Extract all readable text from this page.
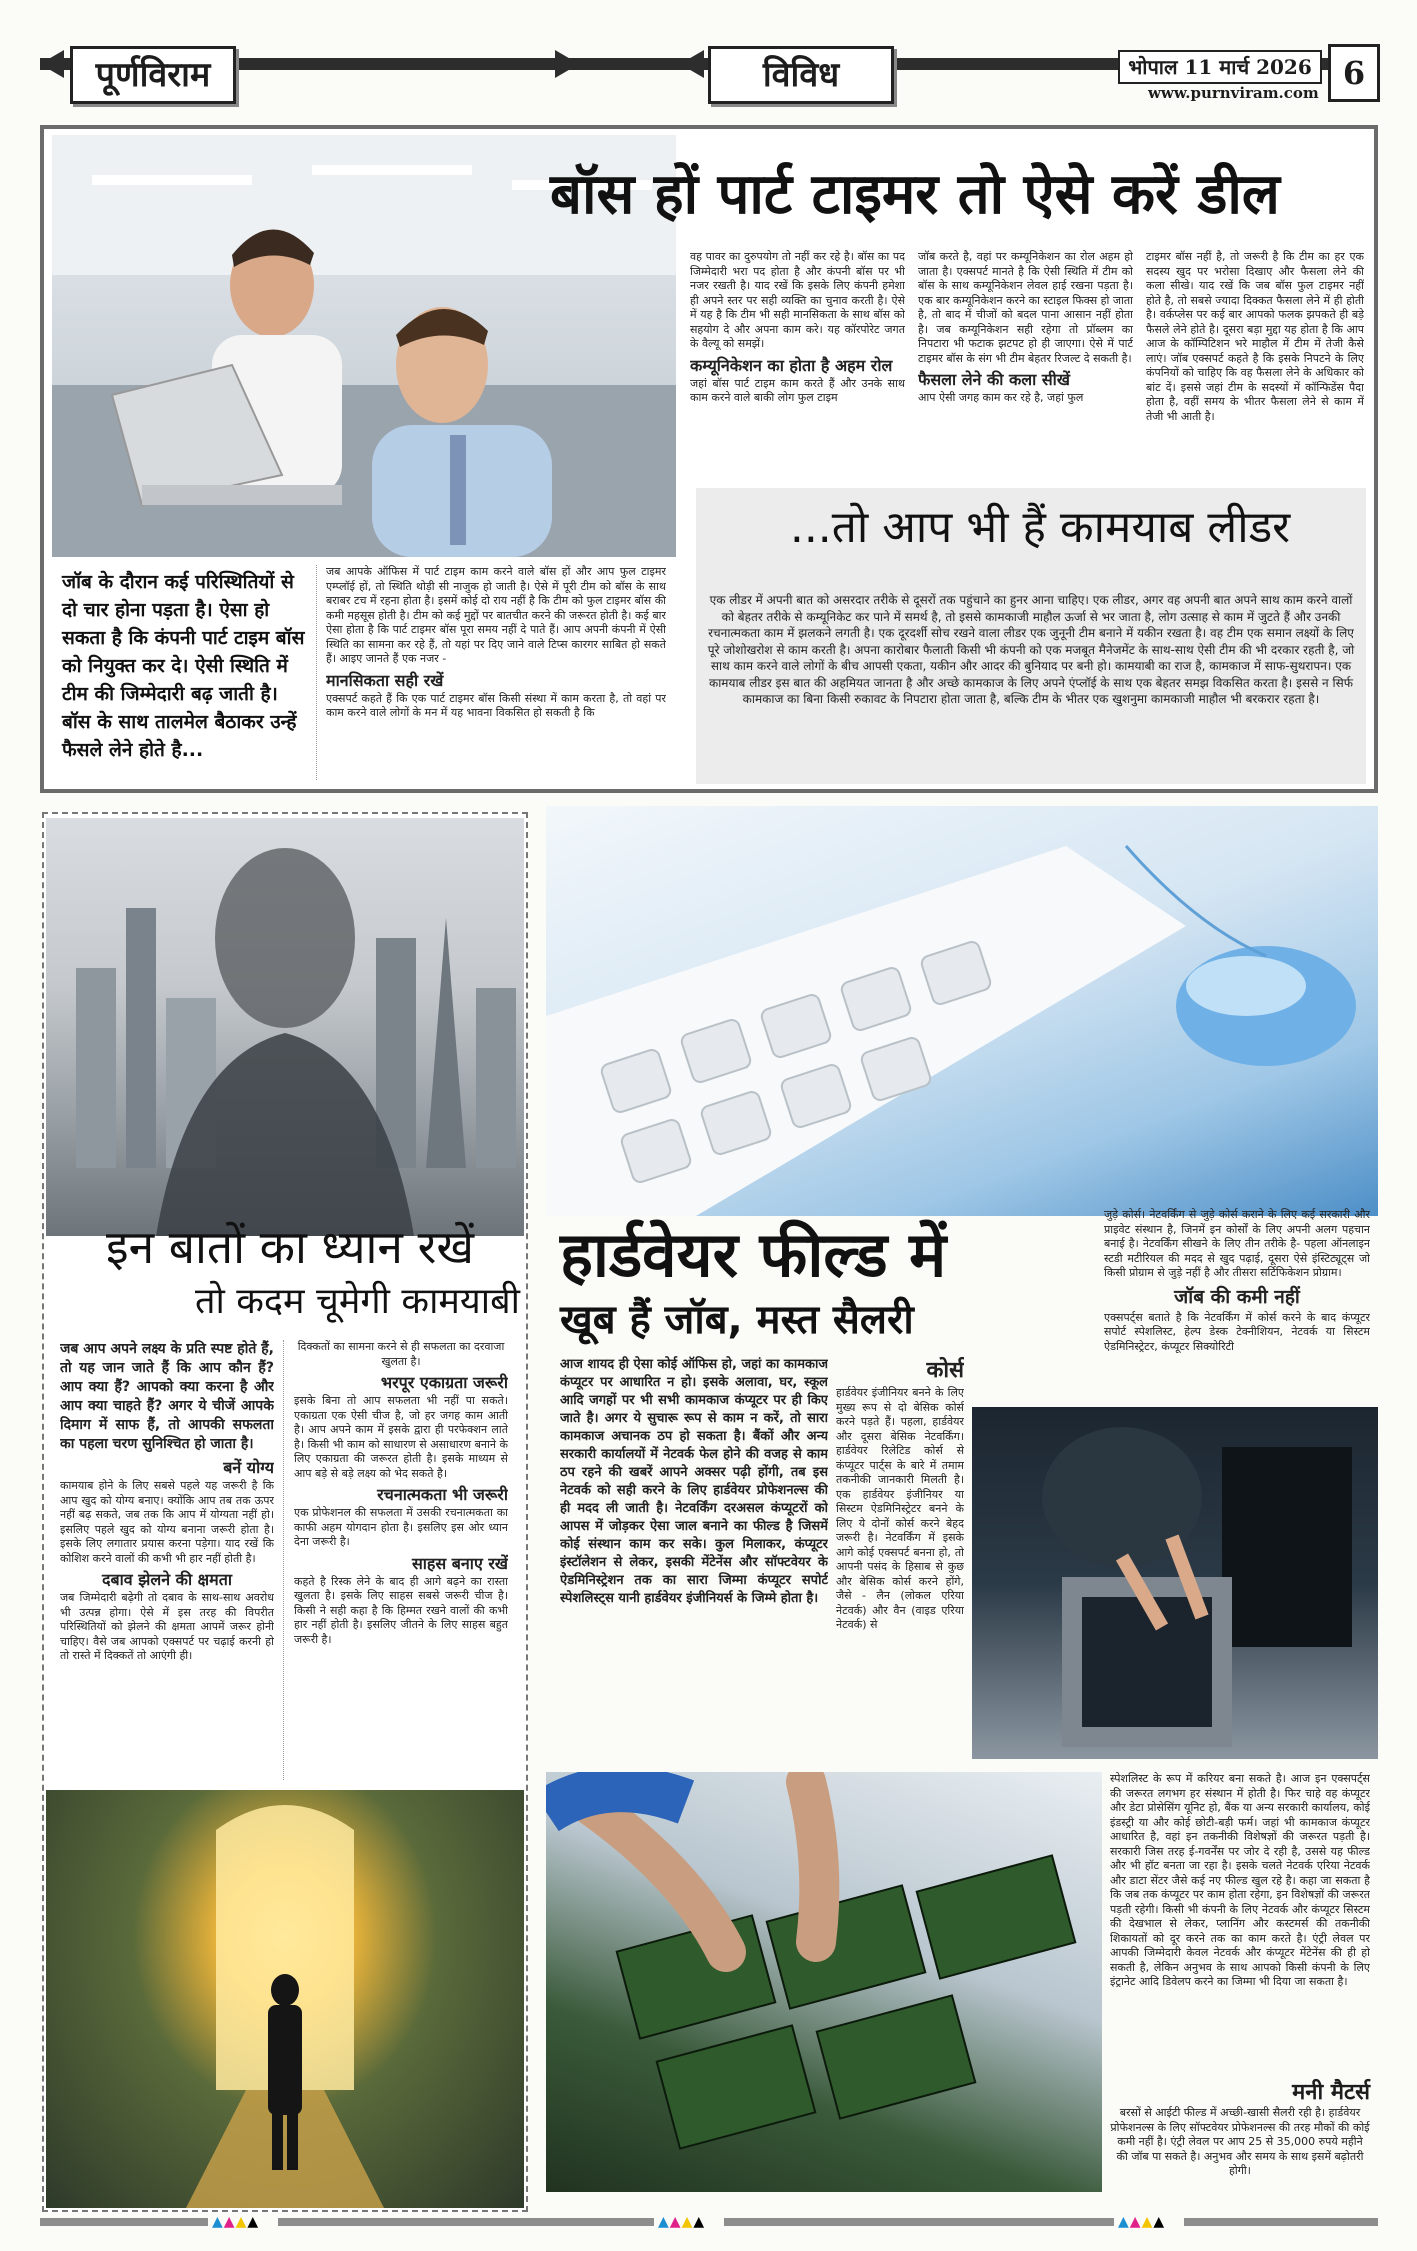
पूर्णविराम	विविध	भोपाल 11 मार्च 2026
www.purnviram.com
6
बॉस हों पार्ट टाइमर तो ऐसे करें डील
जॉब के दौरान कई परिस्थितियों से दो चार होना पड़ता है। ऐसा हो सकता है कि कंपनी पार्ट टाइम बॉस को नियुक्त कर दे। ऐसी स्थिति में टीम की जिम्मेदारी बढ़ जाती है। बॉस के साथ तालमेल बैठाकर उन्हें फैसले लेने होते है...
जब आपके ऑफिस में पार्ट टाइम काम करने वाले बॉस हों और आप फुल टाइमर एम्प्लॉई हों, तो स्थिति थोड़ी सी नाजुक हो जाती है। ऐसे में पूरी टीम को बॉस के साथ बराबर टच में रहना होता है। इसमें कोई दो राय नहीं है कि टीम को फुल टाइमर बॉस की कमी महसूस होती है। टीम को कई मुद्दों पर बातचीत करने की जरूरत होती है। कई बार ऐसा होता है कि पार्ट टाइमर बॉस पूरा समय नहीं दे पाते हैं। आप अपनी कंपनी में ऐसी स्थिति का सामना कर रहे हैं, तो यहां पर दिए जाने वाले टिप्स कारगर साबित हो सकते हैं। आइए जानते हैं एक नजर -
मानसिकता सही रखें
एक्सपर्ट कहते हैं कि एक पार्ट टाइमर बॉस किसी संस्था में काम करता है, तो वहां पर काम करने वाले लोगों के मन में यह भावना विकसित हो सकती है कि
वह पावर का दुरुपयोग तो नहीं कर रहे है। बॉस का पद जिम्मेदारी भरा पद होता है और कंपनी बॉस पर भी नजर रखती है। याद रखें कि इसके लिए कंपनी हमेशा ही अपने स्तर पर सही व्यक्ति का चुनाव करती है। ऐसे में यह है कि टीम भी सही मानसिकता के साथ बॉस को सहयोग दे और अपना काम करे। यह कॉरपोरेट जगत के वैल्यू को समझें।
कम्यूनिकेशन का होता है अहम रोल
जहां बॉस पार्ट टाइम काम करते हैं और उनके साथ काम करने वाले बाकी लोग फुल टाइम
जॉब करते है, वहां पर कम्यूनिकेशन का रोल अहम हो जाता है। एक्सपर्ट मानते है कि ऐसी स्थिति में टीम को बॉस के साथ कम्यूनिकेशन लेवल हाई रखना पड़ता है। एक बार कम्यूनिकेशन करने का स्टाइल फिक्स हो जाता है, तो बाद में चीजों को बदल पाना आसान नहीं होता है। जब कम्यूनिकेशन सही रहेगा तो प्रॉब्लम का निपटारा भी फटाक झटपट हो ही जाएगा। ऐसे में पार्ट टाइमर बॉस के संग भी टीम बेहतर रिजल्ट दे सकती है।
फैसला लेने की कला सीखें
आप ऐसी जगह काम कर रहे है, जहां फुल
टाइमर बॉस नहीं है, तो जरूरी है कि टीम का हर एक सदस्य खुद पर भरोसा दिखाए और फैसला लेने की कला सीखे। याद रखें कि जब बॉस फुल टाइमर नहीं होते है, तो सबसे ज्यादा दिक्कत फैसला लेने में ही होती है। वर्कप्लेस पर कई बार आपको फलक झपकते ही बड़े फैसले लेने होते है। दूसरा बड़ा मुद्दा यह होता है कि आप आज के कॉम्पिटिशन भरे माहौल में टीम में तेजी कैसे लाएं। जॉब एक्सपर्ट कहते है कि इसके निपटने के लिए कंपनियों को चाहिए कि वह फैसला लेने के अधिकार को बांट दें। इससे जहां टीम के सदस्यों में कॉन्फिडेंस पैदा होता है, वहीं समय के भीतर फैसला लेने से काम में तेजी भी आती है।
...तो आप भी हैं कामयाब लीडर
एक लीडर में अपनी बात को असरदार तरीके से दूसरों तक पहुंचाने का हुनर आना चाहिए। एक लीडर, अगर वह अपनी बात अपने साथ काम करने वालों को बेहतर तरीके से कम्यूनिकेट कर पाने में समर्थ है, तो इससे कामकाजी माहौल ऊर्जा से भर जाता है, लोग उत्साह से काम में जुटते हैं और उनकी रचनात्मकता काम में झलकने लगती है। एक दूरदर्शी सोच रखने वाला लीडर एक जुनूनी टीम बनाने में यकीन रखता है। वह टीम एक समान लक्ष्यों के लिए पूरे जोशोखरोश से काम करती है। अपना कारोबार फैलाती किसी भी कंपनी को एक मजबूत मैनेजमेंट के साथ-साथ ऐसी टीम की भी दरकार रहती है, जो साथ काम करने वाले लोगों के बीच आपसी एकता, यकीन और आदर की बुनियाद पर बनी हो। कामयाबी का राज है, कामकाज में साफ-सुथरापन। एक कामयाब लीडर इस बात की अहमियत जानता है और अच्छे कामकाज के लिए अपने एंप्लॉई के साथ एक बेहतर समझ विकसित करता है। इससे न सिर्फ कामकाज का बिना किसी रुकावट के निपटारा होता जाता है, बल्कि टीम के भीतर एक खुशनुमा कामकाजी माहौल भी बरकरार रहता है।
इन बातों का ध्यान रखें
तो कदम चूमेगी कामयाबी
जब आप अपने लक्ष्य के प्रति स्पष्ट होते हैं, तो यह जान जाते हैं कि आप कौन हैं? आप क्या हैं? आपको क्या करना है और आप क्या चाहते हैं? अगर ये चीजें आपके दिमाग में साफ हैं, तो आपकी सफलता का पहला चरण सुनिश्चित हो जाता है।
बनें योग्य
कामयाब होने के लिए सबसे पहले यह जरूरी है कि आप खुद को योग्य बनाए। क्योंकि आप तब तक ऊपर नहीं बढ़ सकते, जब तक कि आप में योग्यता नहीं हो। इसलिए पहले खुद को योग्य बनाना जरूरी होता है। इसके लिए लगातार प्रयास करना पड़ेगा। याद रखें कि कोशिश करने वालों की कभी भी हार नहीं होती है।
दबाव झेलने की क्षमता
जब जिम्मेदारी बढ़ेगी तो दबाव के साथ-साथ अवरोध भी उत्पन्न होगा। ऐसे में इस तरह की विपरीत परिस्थितियों को झेलने की क्षमता आपमें जरूर होनी चाहिए। वैसे जब आपको एक्सपर्ट पर चढ़ाई करनी हो तो रास्ते में दिक्कतें तो आएंगी ही।
दिक्कतों का सामना करने से ही सफलता का दरवाजा खुलता है।
भरपूर एकाग्रता जरूरी
इसके बिना तो आप सफलता भी नहीं पा सकते। एकाग्रता एक ऐसी चीज है, जो हर जगह काम आती है। आप अपने काम में इसके द्वारा ही परफेक्शन लाते है। किसी भी काम को साधारण से असाधारण बनाने के लिए एकाग्रता की जरूरत होती है। इसके माध्यम से आप बड़े से बड़े लक्ष्य को भेद सकते है।
रचनात्मकता भी जरूरी
एक प्रोफेशनल की सफलता में उसकी रचनात्मकता का काफी अहम योगदान होता है। इसलिए इस ओर ध्यान देना जरूरी है।
साहस बनाए रखें
कहते है रिस्क लेने के बाद ही आगे बढ़ने का रास्ता खुलता है। इसके लिए साहस सबसे जरूरी चीज है। किसी ने सही कहा है कि हिम्मत रखने वालों की कभी हार नहीं होती है। इसलिए जीतने के लिए साहस बहुत जरूरी है।
हार्डवेयर फील्ड में
खूब हैं जॉब, मस्त सैलरी
जुड़े कोर्स। नेटवर्किंग से जुड़े कोर्स कराने के लिए कई सरकारी और प्राइवेट संस्थान है, जिनमें इन कोर्सों के लिए अपनी अलग पहचान बनाई है। नेटवर्किंग सीखने के लिए तीन तरीके है- पहला ऑनलाइन स्टडी मटीरियल की मदद से खुद पढ़ाई, दूसरा ऐसे इंस्टिट्यूट्स जो किसी प्रोग्राम से जुड़े नहीं है और तीसरा सर्टिफिकेशन प्रोग्राम।
जॉब की कमी नहीं
एक्सपर्ट्स बताते है कि नेटवर्किंग में कोर्स करने के बाद कंप्यूटर सपोर्ट स्पेशलिस्ट, हेल्प डेस्क टेक्नीशियन, नेटवर्क या सिस्टम ऐडमिनिस्ट्रेटर, कंप्यूटर सिक्योरिटी
आज शायद ही ऐसा कोई ऑफिस हो, जहां का कामकाज कंप्यूटर पर आधारित न हो। इसके अलावा, घर, स्कूल आदि जगहों पर भी सभी कामकाज कंप्यूटर पर ही किए जाते है। अगर ये सुचारू रूप से काम न करें, तो सारा कामकाज अचानक ठप हो सकता है। बैंकों और अन्य सरकारी कार्यालयों में नेटवर्क फेल होने की वजह से काम ठप रहने की खबरें आपने अक्सर पढ़ी होंगी, तब इस नेटवर्क को सही करने के लिए हार्डवेयर प्रोफेशनल्स की ही मदद ली जाती है। नेटवर्किंग दरअसल कंप्यूटरों को आपस में जोड़कर ऐसा जाल बनाने का फील्ड है जिसमें कोई संस्थान काम कर सके। कुल मिलाकर, कंप्यूटर इंस्टॉलेशन से लेकर, इसकी मेंटेनेंस और सॉफ्टवेयर के ऐडमिनिस्ट्रेशन तक का सारा जिम्मा कंप्यूटर सपोर्ट स्पेशलिस्ट्स यानी हार्डवेयर इंजीनियर्स के जिम्मे होता है।
कोर्स
हार्डवेयर इंजीनियर बनने के लिए मुख्य रूप से दो बेसिक कोर्स करने पड़ते हैं। पहला, हार्डवेयर और दूसरा बेसिक नेटवर्किंग। हार्डवेयर रिलेटिड कोर्स से कंप्यूटर पार्ट्स के बारे में तमाम तकनीकी जानकारी मिलती है। एक हार्डवेयर इंजीनियर या सिस्टम ऐडमिनिस्ट्रेटर बनने के लिए ये दोनों कोर्स करने बेहद जरूरी है। नेटवर्किंग में इसके आगे कोई एक्सपर्ट बनना हो, तो आपनी पसंद के हिसाब से कुछ और बेसिक कोर्स करने होंगे, जैसे - लैन (लोकल एरिया नेटवर्क) और वैन (वाइड एरिया नेटवर्क) से
स्पेशलिस्ट के रूप में करियर बना सकते है। आज इन एक्सपर्ट्स की जरूरत लगभग हर संस्थान में होती है। फिर चाहे वह कंप्यूटर और डेटा प्रोसेसिंग यूनिट हो, बैंक या अन्य सरकारी कार्यालय, कोई इंडस्ट्री या और कोई छोटी-बड़ी फर्म। जहां भी कामकाज कंप्यूटर आधारित है, वहां इन तकनीकी विशेषज्ञों की जरूरत पड़ती है। सरकारी जिस तरह ई-गवर्नेंस पर जोर दे रही है, उससे यह फील्ड और भी हॉट बनता जा रहा है। इसके चलते नेटवर्क एरिया नेटवर्क और डाटा सेंटर जैसे कई नए फील्ड खुल रहे है। कहा जा सकता है कि जब तक कंप्यूटर पर काम होता रहेगा, इन विशेषज्ञों की जरूरत पड़ती रहेगी। किसी भी कंपनी के लिए नेटवर्क और कंप्यूटर सिस्टम की देखभाल से लेकर, प्लानिंग और कस्टमर्स की तकनीकी शिकायतों को दूर करने तक का काम करते है। एंट्री लेवल पर आपकी जिम्मेदारी केवल नेटवर्क और कंप्यूटर मेंटेनेंस की ही हो सकती है, लेकिन अनुभव के साथ आपको किसी कंपनी के लिए इंट्रानेट आदि डिवेलप करने का जिम्मा भी दिया जा सकता है।
मनी मैटर्स
बरसों से आईटी फील्ड में अच्छी-खासी सैलरी रही है। हार्डवेयर प्रोफेशनल्स के लिए सॉफ्टवेयर प्रोफेशनल्स की तरह मौकों की कोई कमी नहीं है। एंट्री लेवल पर आप 25 से 35,000 रुपये महीने की जॉब पा सकते है। अनुभव और समय के साथ इसमें बढ़ोतरी होगी।
▲▲▲▲	▲▲▲▲	▲▲▲▲
